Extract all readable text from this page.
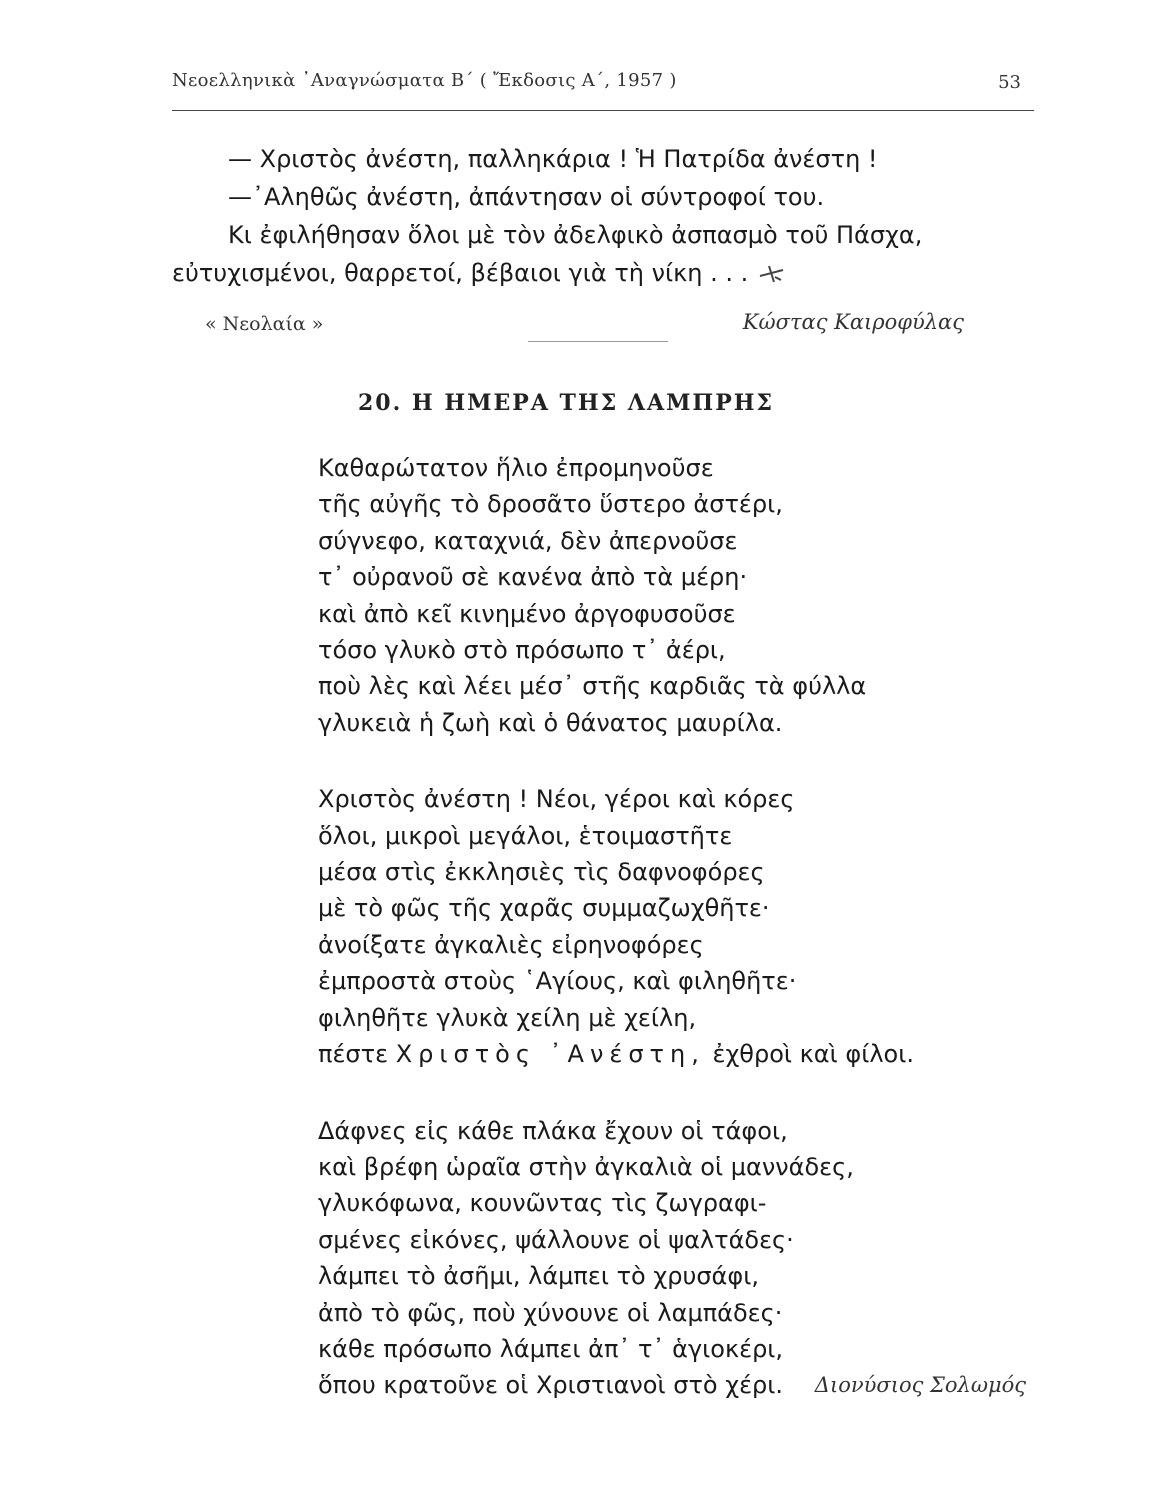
Νεοελληνικὰ ᾿Αναγνώσματα Β΄ ( Ἔκδοσις Α΄, 1957 )	53
— Χριστὸς ἀνέστη, παλληκάρια ! Ἡ Πατρίδα ἀνέστη !
—᾿Αληθῶς ἀνέστη, ἀπάντησαν οἱ σύντροφοί του.
Κι ἐφιλήθησαν ὅλοι μὲ τὸν ἀδελφικὸ ἀσπασμὸ τοῦ Πάσχα,
εὐτυχισμένοι, θαρρετοί, βέβαιοι γιὰ τὴ νίκη . . .
« Νεολαία »	Κώστας Καιροφύλας
20. Η ΗΜΕΡΑ ΤΗΣ ΛΑΜΠΡΗΣ
Καθαρώτατον ἥλιο ἐπρομηνοῦσε
τῆς αὐγῆς τὸ δροσᾶτο ὕστερο ἀστέρι,
σύγνεφο, καταχνιά, δὲν ἀπερνοῦσε
τ᾿ οὐρανοῦ σὲ κανένα ἀπὸ τὰ μέρη·
καὶ ἀπὸ κεῖ κινημένο ἀργοφυσοῦσε
τόσο γλυκὸ στὸ πρόσωπο τ᾿ ἀέρι,
ποὺ λὲς καὶ λέει μέσ᾿ στῆς καρδιᾶς τὰ φύλλα
γλυκειὰ ἡ ζωὴ καὶ ὁ θάνατος μαυρίλα.
Χριστὸς ἀνέστη ! Νέοι, γέροι καὶ κόρες
ὅλοι, μικροὶ μεγάλοι, ἑτοιμαστῆτε
μέσα στὶς ἐκκλησιὲς τὶς δαφνοφόρες
μὲ τὸ φῶς τῆς χαρᾶς συμμαζωχθῆτε·
ἀνοίξατε ἀγκαλιὲς εἰρηνοφόρες
ἐμπροστὰ στοὺς ῾Αγίους, καὶ φιληθῆτε·
φιληθῆτε γλυκὰ χείλη μὲ χείλη,
πέστε Χριστὸς ᾿Ανέστη, ἐχθροὶ καὶ φίλοι.
Δάφνες εἰς κάθε πλάκα ἔχουν οἱ τάφοι,
καὶ βρέφη ὡραῖα στὴν ἀγκαλιὰ οἱ μαννάδες,
γλυκόφωνα, κουνῶντας τὶς ζωγραφι-
σμένες εἰκόνες, ψάλλουνε οἱ ψαλτάδες·
λάμπει τὸ ἀσῆμι, λάμπει τὸ χρυσάφι,
ἀπὸ τὸ φῶς, ποὺ χύνουνε οἱ λαμπάδες·
κάθε πρόσωπο λάμπει ἀπ᾿ τ᾿ ἁγιοκέρι,
ὅπου κρατοῦνε οἱ Χριστιανοὶ στὸ χέρι.	Διονύσιος Σολωμός
